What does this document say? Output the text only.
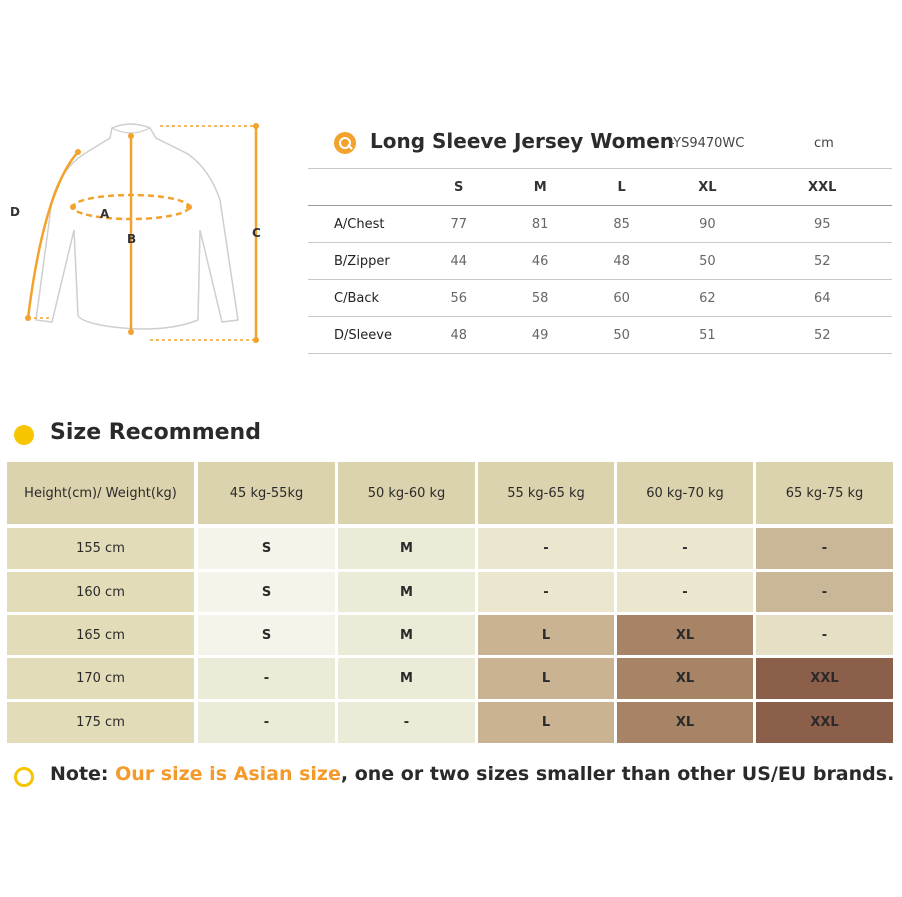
A
B	C
D
Long Sleeve Jersey Women
-YS9470WC	cm
	S	M	L	XL	XXL
A/Chest	77	81	85	90	95
B/Zipper	44	46	48	50	52
C/Back	56	58	60	62	64
D/Sleeve	48	49	50	51	52
Size Recommend
Height(cm)/ Weight(kg)	45 kg-55kg	50 kg-60 kg	55 kg-65 kg	60 kg-70 kg	65 kg-75 kg
155 cm	S	M	-	-	-
160 cm	S	M	-	-	-
165 cm	S	M	L	XL	-
170 cm	-	M	L	XL	XXL
175 cm	-	-	L	XL	XXL
Note: Our size is Asian size, one or two sizes smaller than other US/EU brands.
